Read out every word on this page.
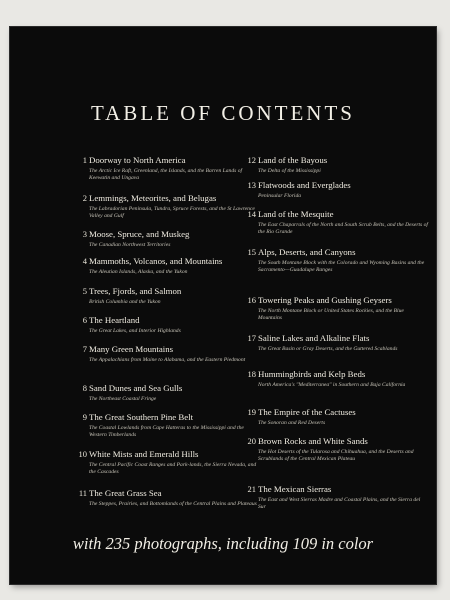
TABLE OF CONTENTS
1 Doorway to North America
The Arctic Ice Raft, Greenland, the Islands, and the Barren Lands of Keewatin and Ungava
2 Lemmings, Meteorites, and Belugas
The Labradorian Peninsula, Tundra, Spruce Forests, and the St Lawrence Valley and Gulf
3 Moose, Spruce, and Muskeg
The Canadian Northwest Territories
4 Mammoths, Volcanos, and Mountains
The Aleutian Islands, Alaska, and the Yukon
5 Trees, Fjords, and Salmon
British Columbia and the Yukon
6 The Heartland
The Great Lakes, and Interior Highlands
7 Many Green Mountains
The Appalachians from Maine to Alabama, and the Eastern Piedmont
8 Sand Dunes and Sea Gulls
The Northeast Coastal Fringe
9 The Great Southern Pine Belt
The Coastal Lowlands from Cape Hatteras to the Mississippi and the Western Timberlands
10 White Mists and Emerald Hills
The Central Pacific Coast Ranges and Park-lands, the Sierra Nevada, and the Cascades
11 The Great Grass Sea
The Steppes, Prairies, and Bottomlands of the Central Plains and Plateaus
12 Land of the Bayous
The Delta of the Mississippi
13 Flatwoods and Everglades
Peninsular Florida
14 Land of the Mesquite
The East Chaparrals of the North and South Scrub Belts, and the Deserts of the Rio Grande
15 Alps, Deserts, and Canyons
The South Montane Block with the Colorado and Wyoming Basins and the Sacramento—Guadalupe Ranges
16 Towering Peaks and Gushing Geysers
The North Montane Block or United States Rockies, and the Blue Mountains
17 Saline Lakes and Alkaline Flats
The Great Basin or Gray Deserts, and the Guttered Scablands
18 Hummingbirds and Kelp Beds
North America's "Mediterranea" in Southern and Baja California
19 The Empire of the Cactuses
The Sonoran and Red Deserts
20 Brown Rocks and White Sands
The Hot Deserts of the Tularosa and Chihuahua, and the Deserts and Scrublands of the Central Mexican Plateau
21 The Mexican Sierras
The East and West Sierras Madre and Coastal Plains, and the Sierra del Sur
with 235 photographs, including 109 in color
